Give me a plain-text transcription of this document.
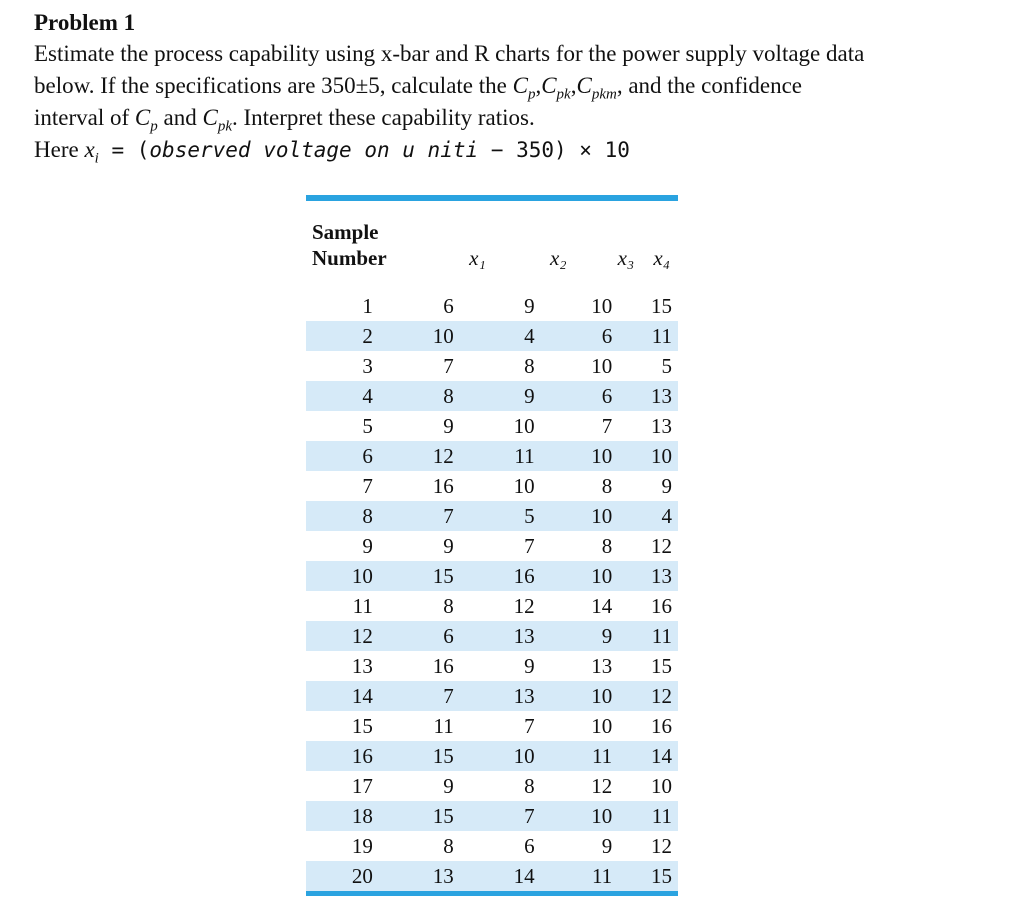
Problem 1
Estimate the process capability using x-bar and R charts for the power supply voltage data
below. If the specifications are 350±5, calculate the $C_p,C_{pk},C_{pkm}$, and the confidence
interval of $C_p$ and $C_{pk}$. Interpret these capability ratios.
Here $x_i$ = (observed voltage on u niti − 350) × 10
Sample
Number	x₁	x₂	x₃	x₄

1	6	9	10	15
2	10	4	6	11
3	7	8	10	5
4	8	9	6	13
5	9	10	7	13
6	12	11	10	10
7	16	10	8	9
8	7	5	10	4
9	9	7	8	12
10	15	16	10	13
11	8	12	14	16
12	6	13	9	11
13	16	9	13	15
14	7	13	10	12
15	11	7	10	16
16	15	10	11	14
17	9	8	12	10
18	15	7	10	11
19	8	6	9	12
20	13	14	11	15
